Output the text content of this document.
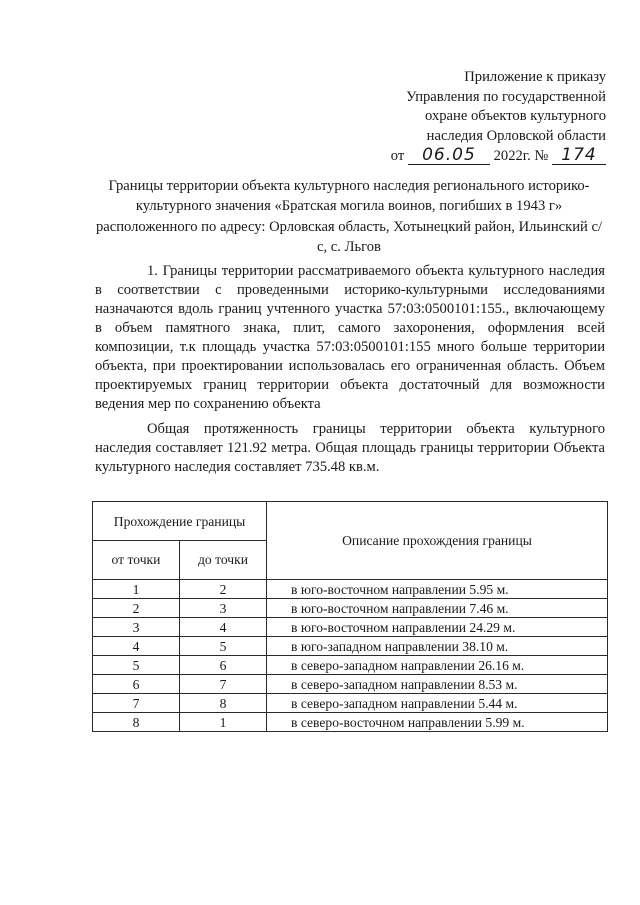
Приложение к приказу
Управления по государственной
охране объектов культурного
наследия Орловской области
от 06.05 2022г. № 174
Границы территории объекта культурного наследия регионального историко-культурного значения «Братская могила воинов, погибших в 1943 г» расположенного по адресу: Орловская область, Хотынецкий район, Ильинский с/с, с. Льгов

1. Границы территории рассматриваемого объекта культурного наследия в соответствии с проведенными историко-культурными исследованиями назначаются вдоль границ учтенного участка 57:03:0500101:155., включающему в объем памятного знака, плит, самого захоронения, оформления всей композиции, т.к площадь участка 57:03:0500101:155 много больше территории объекта, при проектировании использовалась его ограниченная область. Объем проектируемых границ территории объекта достаточный для возможности ведения мер по сохранению объекта

Общая протяженность границы территории объекта культурного наследия составляет 121.92 метра. Общая площадь границы территории Объекта культурного наследия составляет 735.48 кв.м.

Прохождение границы		Описание прохождения границы
от точки	до точки	
1	2	в юго-восточном направлении 5.95 м.
2	3	в юго-восточном направлении 7.46 м.
3	4	в юго-восточном направлении 24.29 м.
4	5	в юго-западном направлении 38.10 м.
5	6	в северо-западном направлении 26.16 м.
6	7	в северо-западном направлении 8.53 м.
7	8	в северо-западном направлении 5.44 м.
8	1	в северо-восточном направлении 5.99 м.
